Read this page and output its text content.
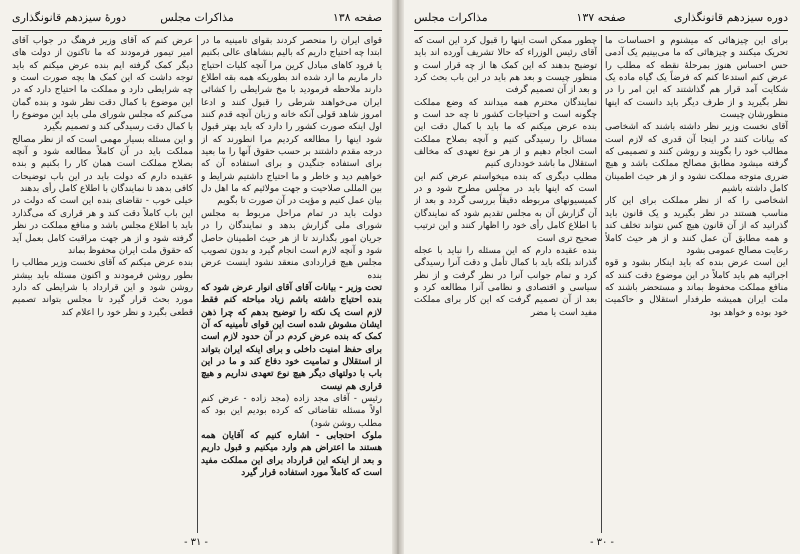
صفحه ۱۳۸
مذاکرات مجلس
دورهٔ سیزدهم قانونگذاری

قوای ایران را منحصر کردند بقوای تامینیه ما در ابتدا چه احتیاج داریم که بالیم بنشاهای عالی بکنیم یا فرود کاهای مبادل کرین مرا آنچه کلیات احتیاج دار ماریم ما ارد شده اند بطوریکه همه بقه اطلاع دارند ملاحظه فرمودید با مخ شرایطی را کشائی ایران می‌خواهند شرطی را قبول کنند و ادعا امروز شاهد قولی آنکه خانه و زبان آنچه قدم کنند اول اینکه صورت کشور را دارد که باید بهتر قبول شود اینها را مطالعه کردیم مرا انطورند که از درجه مقدم داشتند بر حسب حقوق آنها را ما بعید برای استفاده جنگیدن و برای استفاده آن که خواهیم دید و خاطر و ما احتیاج داشتیم شرایط و بین المللی صلاحیت و جهت مولائیم که ما اهل دل بیان عمل کنیم و مؤیت در آن صورت تا بگویم

دولت باید در تمام مراحل مربوط به مجلس شورای ملی گزارش بدهد و نمایندگان را در جریان امور بگذارند تا از هر حیث اطمینان حاصل شود و آنچه لازم است انجام گیرد و بدون تصویب مجلس هیچ قراردادی منعقد نشود اینست عرض بنده

تحت وزیر - بیانات آقای آقای انوار عرض شود که بنده احتیاج داشته باشم زیاد مباحثه کنم فقط لازم است یک نکته را توضیح بدهم که چرا ذهن ایشان مشوش شده است این قوای تأمینیه که آن کمک که بنده عرض کردم در آن حدود لازم است برای حفظ امنیت داخلی و برای اینکه ایران بتواند از استقلال و تمامیت خود دفاع کند و ما در این باب با دولتهای دیگر هیچ نوع تعهدی نداریم و هیچ قراری هم نیست

رئیس - آقای مجد زاده (مجد زاده - عرض کنم اولاً مسئله تقاضائی که کرده بودیم این بود که مطلب روشن شود)

ملوک احتجابی - اشاره کنیم که آقایان همه هستند ما اعتراض هم وارد میکنیم و قبول داریم و بعد از اینکه این قرارداد برای این مملکت مفید است که کاملاً مورد استفاده قرار گیرد

عرض کنم که آقای وزیر فرهنگ در جواب آقای امیر تیمور فرمودند که ما تاکنون از دولت های دیگر کمک گرفته ایم بنده عرض میکنم که باید توجه داشت که این کمک ها بچه صورت است و چه شرایطی دارد و مملکت ما احتیاج دارد که در این موضوع با کمال دقت نظر شود و بنده گمان می‌کنم که مجلس شورای ملی باید این موضوع را با کمال دقت رسیدگی کند و تصمیم بگیرد

و این مسئله بسیار مهمی است که از نظر مصالح مملکت باید در آن کاملاً مطالعه شود و آنچه بصلاح مملکت است همان کار را بکنیم و بنده عقیده دارم که دولت باید در این باب توضیحات کافی بدهد تا نمایندگان با اطلاع کامل رأی بدهند

خیلی خوب - تقاضای بنده این است که دولت در این باب کاملاً دقت کند و هر قراری که می‌گذارد باید با اطلاع مجلس باشد و منافع مملکت در نظر گرفته شود و از هر جهت مراقبت کامل بعمل آید که حقوق ملت ایران محفوظ بماند

بنده عرض میکنم که آقای نخست وزیر مطالب را بطور روشن فرمودند و اکنون مسئله باید بیشتر روشن شود و این قرارداد با شرایطی که دارد مورد بحث قرار گیرد تا مجلس بتواند تصمیم قطعی بگیرد و نظر خود را اعلام کند

- ۳۱ -
دوره سیزدهم قانونگذاری
صفحه ۱۳۷
مذاکرات مجلس

برای این چیزهائی که میشنوم و احساسات ما تحریک میکنند و چیزهائی که ما می‌بینیم یک آدمی حس احساس هنوز بمرحلهٔ نقطه که مطلب را عرض کنم استدعا کنم که فرضاً یک گیاه ماده یک شکایت آمد قرار هم گذاشتند که این امر را در نظر بگیرید و از طرف دیگر باید دانست که اینها منظورشان چیست

آقای نخست وزیر نظر داشته باشند که اشخاصی که بیانات کنند در اینجا آن قدری که لازم است مطالب خود را بگویند و روشن کنند و تصمیمی که گرفته میشود مطابق مصالح مملکت باشد و هیچ ضرری متوجه مملکت نشود و از هر حیث اطمینان کامل داشته باشیم

اشخاصی را که از نظر مملکت برای این کار مناسب هستند در نظر بگیرید و یک قانون باید گذرانید که از آن قانون هیچ کس نتواند تخلف کند و همه مطابق آن عمل کنند و از هر حیث کاملاً رعایت مصالح عمومی بشود

این است عرض بنده که باید اینکار بشود و قوه اجرائیه هم باید کاملاً در این موضوع دقت کنند که منافع مملکت محفوظ بماند و مستحضر باشند که ملت ایران همیشه طرفدار استقلال و حاکمیت خود بوده و خواهد بود

چطور ممکن است اینها را قبول کرد این است که آقای رئیس الوزراء که حالا تشریف آورده اند باید توضیح بدهند که این کمک ها از چه قرار است و منظور چیست و بعد هم باید در این باب بحث کرد و بعد از آن تصمیم گرفت

نمایندگان محترم همه میدانند که وضع مملکت چگونه است و احتیاجات کشور تا چه حد است و بنده عرض میکنم که ما باید با کمال دقت این مسائل را رسیدگی کنیم و آنچه بصلاح مملکت است انجام دهیم و از هر نوع تعهدی که مخالف استقلال ما باشد خودداری کنیم

مطلب دیگری که بنده میخواستم عرض کنم این است که اینها باید در مجلس مطرح شود و در کمیسیونهای مربوطه دقیقاً بررسی گردد و بعد از آن گزارش آن به مجلس تقدیم شود که نمایندگان با اطلاع کامل رأی خود را اظهار کنند و این ترتیب صحیح تری است

بنده عقیده دارم که این مسئله را نباید با عجله گذراند بلکه باید با کمال تأمل و دقت آنرا رسیدگی کرد و تمام جوانب آنرا در نظر گرفت و از نظر سیاسی و اقتصادی و نظامی آنرا مطالعه کرد و بعد از آن تصمیم گرفت که این کار برای مملکت مفید است یا مضر

- ۳۰ -
